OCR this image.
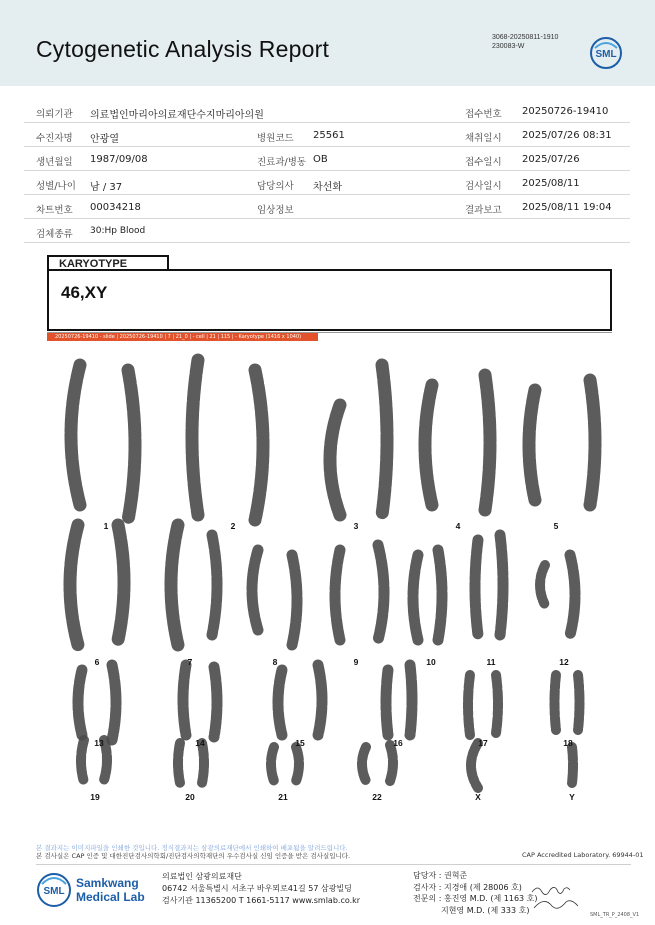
Cytogenetic Analysis Report	3068-20250811-1910
230083-W
SML
의뢰기관 의료법인마리아의료재단수지마리아의원	접수번호 20250726-19410
수진자명 안광열	병원코드 25561	채취일시 2025/07/26 08:31
생년월일 1987/09/08	진료과/병동 OB	접수일시 2025/07/26
성별/나이 남 / 37	담당의사 차선화	검사일시 2025/08/11
차트번호 00034218	임상정보	결과보고 2025/08/11 19:04
검체종류 30:Hp Blood
KARYOTYPE
46,XY
20250726-19410 - slide | 20250726-19410 | 7 | 21_0 | - cell | 21 | 115 | - Karyotype (1416 x 1040)
1	2	3	4	5
6	7	8	9	10	11	12
13	14	15	16	17	18
19	20	21	22	X	Y
본 결과지는 이미지파일을 인쇄한 것입니다. 정식결과지는 삼광의료재단에서 인쇄하여 배포됨을 알려드립니다.
본 검사실은 CAP 인증 및 대한진단검사의학회/진단검사의학재단의 우수검사실 신임 인증을 받은 검사실입니다.	CAP Accredited Laboratory. 69944-01
SML
Samkwang
Medical Lab
의료법인 삼광의료재단
06742 서울특별시 서초구 바우뫼로41길 57 삼광빌딩
검사기관 11365200 T 1661-5117 www.smlab.co.kr
담당자 : 권혁준
검사자 : 지경애 (제 28006 호)
전문의 : 홍진영 M.D. (제 1163 호)
지현영 M.D. (제 333 호)
SML_TR_P_2408_V1
